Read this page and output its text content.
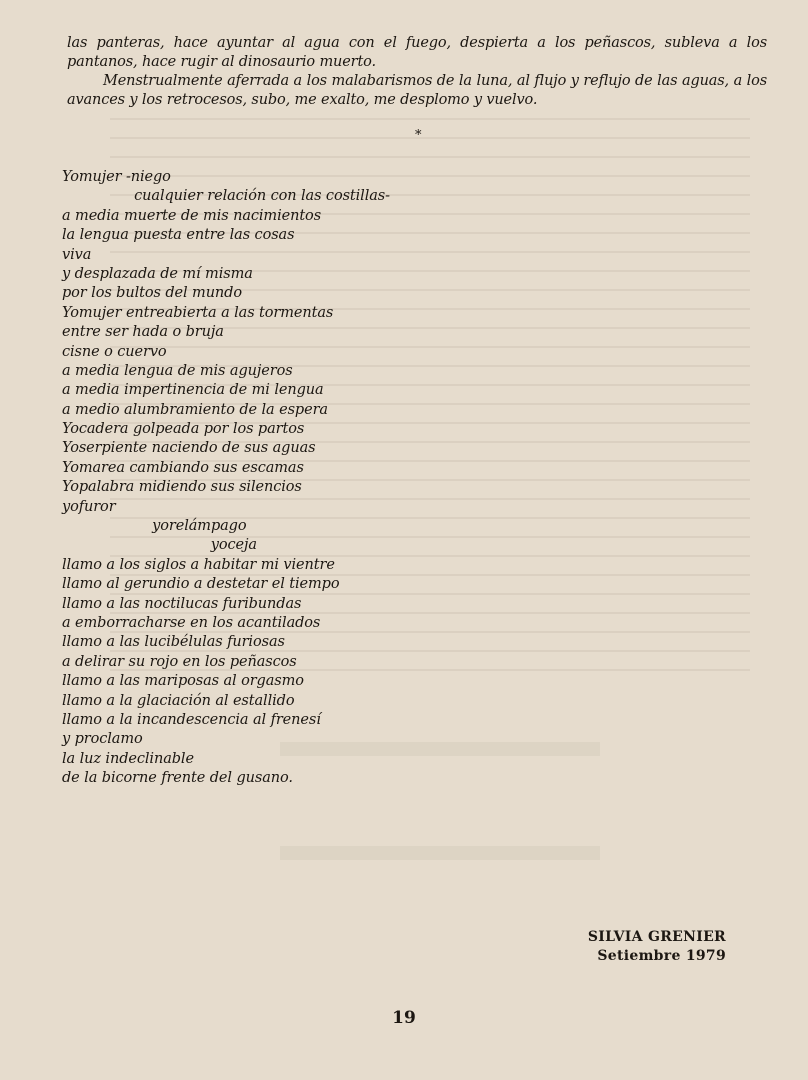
las panteras, hace ayuntar al agua con el fuego, despierta a los peñascos, subleva a los pantanos, hace rugir al dinosaurio muerto.

Menstrualmente aferrada a los malabarismos de la luna, al flujo y reflujo de las aguas, a los avances y los retrocesos, subo, me exalto, me desplomo y vuelvo.

*
Yomujer -niego
cualquier relación con las costillas-
a media muerte de mis nacimientos
la lengua puesta entre las cosas
viva
y desplazada de mí misma
por los bultos del mundo
Yomujer entreabierta a las tormentas
entre ser hada o bruja
cisne o cuervo
a media lengua de mis agujeros
a media impertinencia de mi lengua
a medio alumbramiento de la espera
Yocadera golpeada por los partos
Yoserpiente naciendo de sus aguas
Yomarea cambiando sus escamas
Yopalabra midiendo sus silencios
yofuror
yorelámpago
yoceja
llamo a los siglos a habitar mi vientre
llamo al gerundio a destetar el tiempo
llamo a las noctilucas furibundas
a emborracharse en los acantilados
llamo a las lucibélulas furiosas
a delirar su rojo en los peñascos
llamo a las mariposas al orgasmo
llamo a la glaciación al estallido
llamo a la incandescencia al frenesí
y proclamo
la luz indeclinable
de la bicorne frente del gusano.
SILVIA GRENIER
Setiembre 1979
19
